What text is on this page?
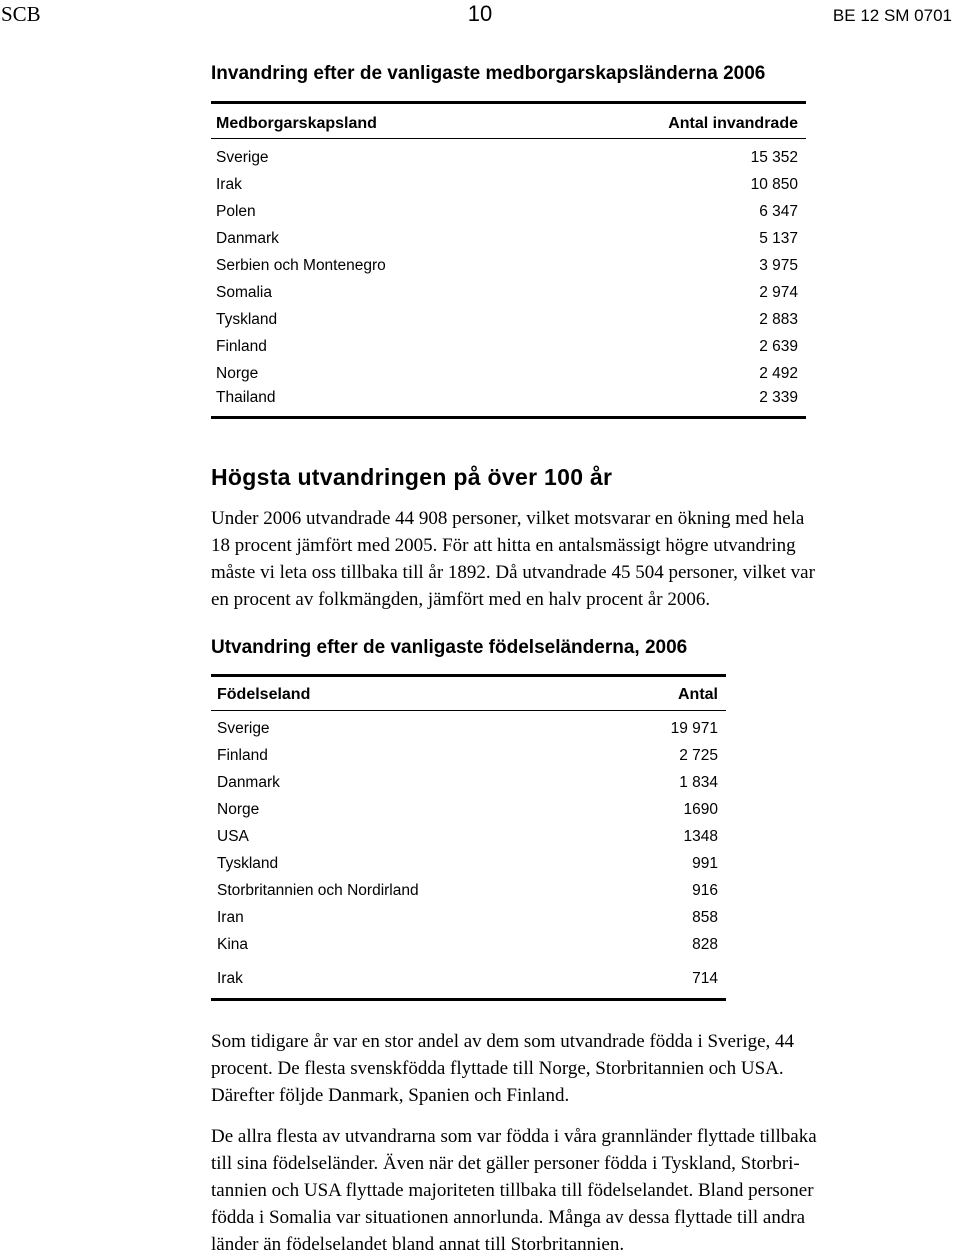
SCB	10	BE 12 SM 0701
Invandring efter de vanligaste medborgarskapsländerna 2006
Medborgarskapsland	Antal invandrade
Sverige	15 352
Irak	10 850
Polen	6 347
Danmark	5 137
Serbien och Montenegro	3 975
Somalia	2 974
Tyskland	2 883
Finland	2 639
Norge	2 492
Thailand	2 339
Högsta utvandringen på över 100 år
Under 2006 utvandrade 44 908 personer, vilket motsvarar en ökning med hela
18 procent jämfört med 2005. För att hitta en antalsmässigt högre utvandring
måste vi leta oss tillbaka till år 1892. Då utvandrade 45 504 personer, vilket var
en procent av folkmängden, jämfört med en halv procent år 2006.
Utvandring efter de vanligaste födelseländerna, 2006
Födelseland	Antal
Sverige	19 971
Finland	2 725
Danmark	1 834
Norge	1690
USA	1348
Tyskland	991
Storbritannien och Nordirland	916
Iran	858
Kina	828
Irak	714
Som tidigare år var en stor andel av dem som utvandrade födda i Sverige, 44
procent. De flesta svenskfödda flyttade till Norge, Storbritannien och USA.
Därefter följde Danmark, Spanien och Finland.
De allra flesta av utvandrarna som var födda i våra grannländer flyttade tillbaka
till sina födelseländer. Även när det gäller personer födda i Tyskland, Storbri-
tannien och USA flyttade majoriteten tillbaka till födelselandet. Bland personer
födda i Somalia var situationen annorlunda. Många av dessa flyttade till andra
länder än födelselandet bland annat till Storbritannien.
